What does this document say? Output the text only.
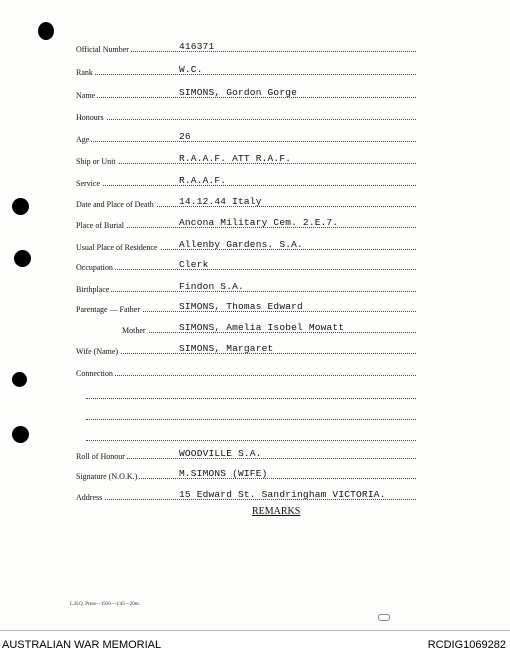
Official Number	416371
Rank	W.C.
Name	SIMONS, Gordon Gorge
Honours
Age	26
Ship or Unit	R.A.A.F. ATT R.A.F.
Service	R.A.A.F.
Date and Place of Death	14.12.44 Italy
Place of Burial	Ancona Military Cem. 2.E.7.
Usual Place of Residence Allenby Gardens. S.A.
Occupation	Clerk
Birthplace	Findon S.A.
Parentage — Father	SIMONS, Thomas Edward
Mother	SIMONS, Amelia Isobel Mowatt
Wife (Name)	SIMONS, Margaret
Connection
Roll of Honour	WOODVILLE S.A.
Signature (N.O.K.)	M.SIMONS (WIFE)
Address	15 Edward St. Sandringham VICTORIA.
REMARKS
L.H.Q. Press—1926—1/45—20m.
AUSTRALIAN WAR MEMORIAL	RCDIG1069282
